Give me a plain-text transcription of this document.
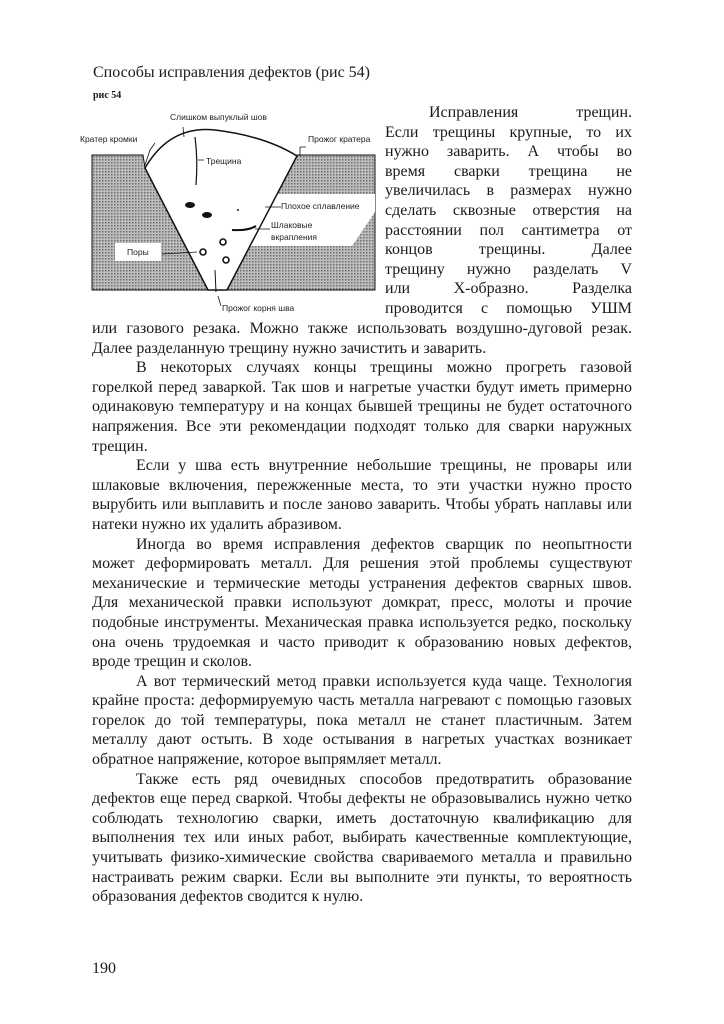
Способы исправления дефектов (рис 54)
рис 54
Слишком выпуклый шов
Кратер кромки	Прожог кратера
Трещина
Плохое сплавление
Шлаковые
вкрапления
Поры
Прожог корня шва
Исправления трещин.
Если трещины крупные, то их
нужно заварить. А чтобы во
время сварки трещина не
увеличилась в размерах нужно
сделать сквозные отверстия на
расстоянии пол сантиметра от
концов трещины. Далее
трещину нужно разделать V
или Х-образно. Разделка
проводится с помощью УШМ
или газового резака. Можно также использовать воздушно-дуговой резак.
Далее разделанную трещину нужно зачистить и заварить.
В некоторых случаях концы трещины можно прогреть газовой
горелкой перед заваркой. Так шов и нагретые участки будут иметь примерно
одинаковую температуру и на концах бывшей трещины не будет остаточного
напряжения. Все эти рекомендации подходят только для сварки наружных
трещин.
Если у шва есть внутренние небольшие трещины, не провары или
шлаковые включения, пережженные места, то эти участки нужно просто
вырубить или выплавить и после заново заварить. Чтобы убрать наплавы или
натеки нужно их удалить абразивом.
Иногда во время исправления дефектов сварщик по неопытности
может деформировать металл. Для решения этой проблемы существуют
механические и термические методы устранения дефектов сварных швов.
Для механической правки используют домкрат, пресс, молоты и прочие
подобные инструменты. Механическая правка используется редко, поскольку
она очень трудоемкая и часто приводит к образованию новых дефектов,
вроде трещин и сколов.
А вот термический метод правки используется куда чаще. Технология
крайне проста: деформируемую часть металла нагревают с помощью газовых
горелок до той температуры, пока металл не станет пластичным. Затем
металлу дают остыть. В ходе остывания в нагретых участках возникает
обратное напряжение, которое выпрямляет металл.
Также есть ряд очевидных способов предотвратить образование
дефектов еще перед сваркой. Чтобы дефекты не образовывались нужно четко
соблюдать технологию сварки, иметь достаточную квалификацию для
выполнения тех или иных работ, выбирать качественные комплектующие,
учитывать физико-химические свойства свариваемого металла и правильно
настраивать режим сварки. Если вы выполните эти пункты, то вероятность
образования дефектов сводится к нулю.
190
